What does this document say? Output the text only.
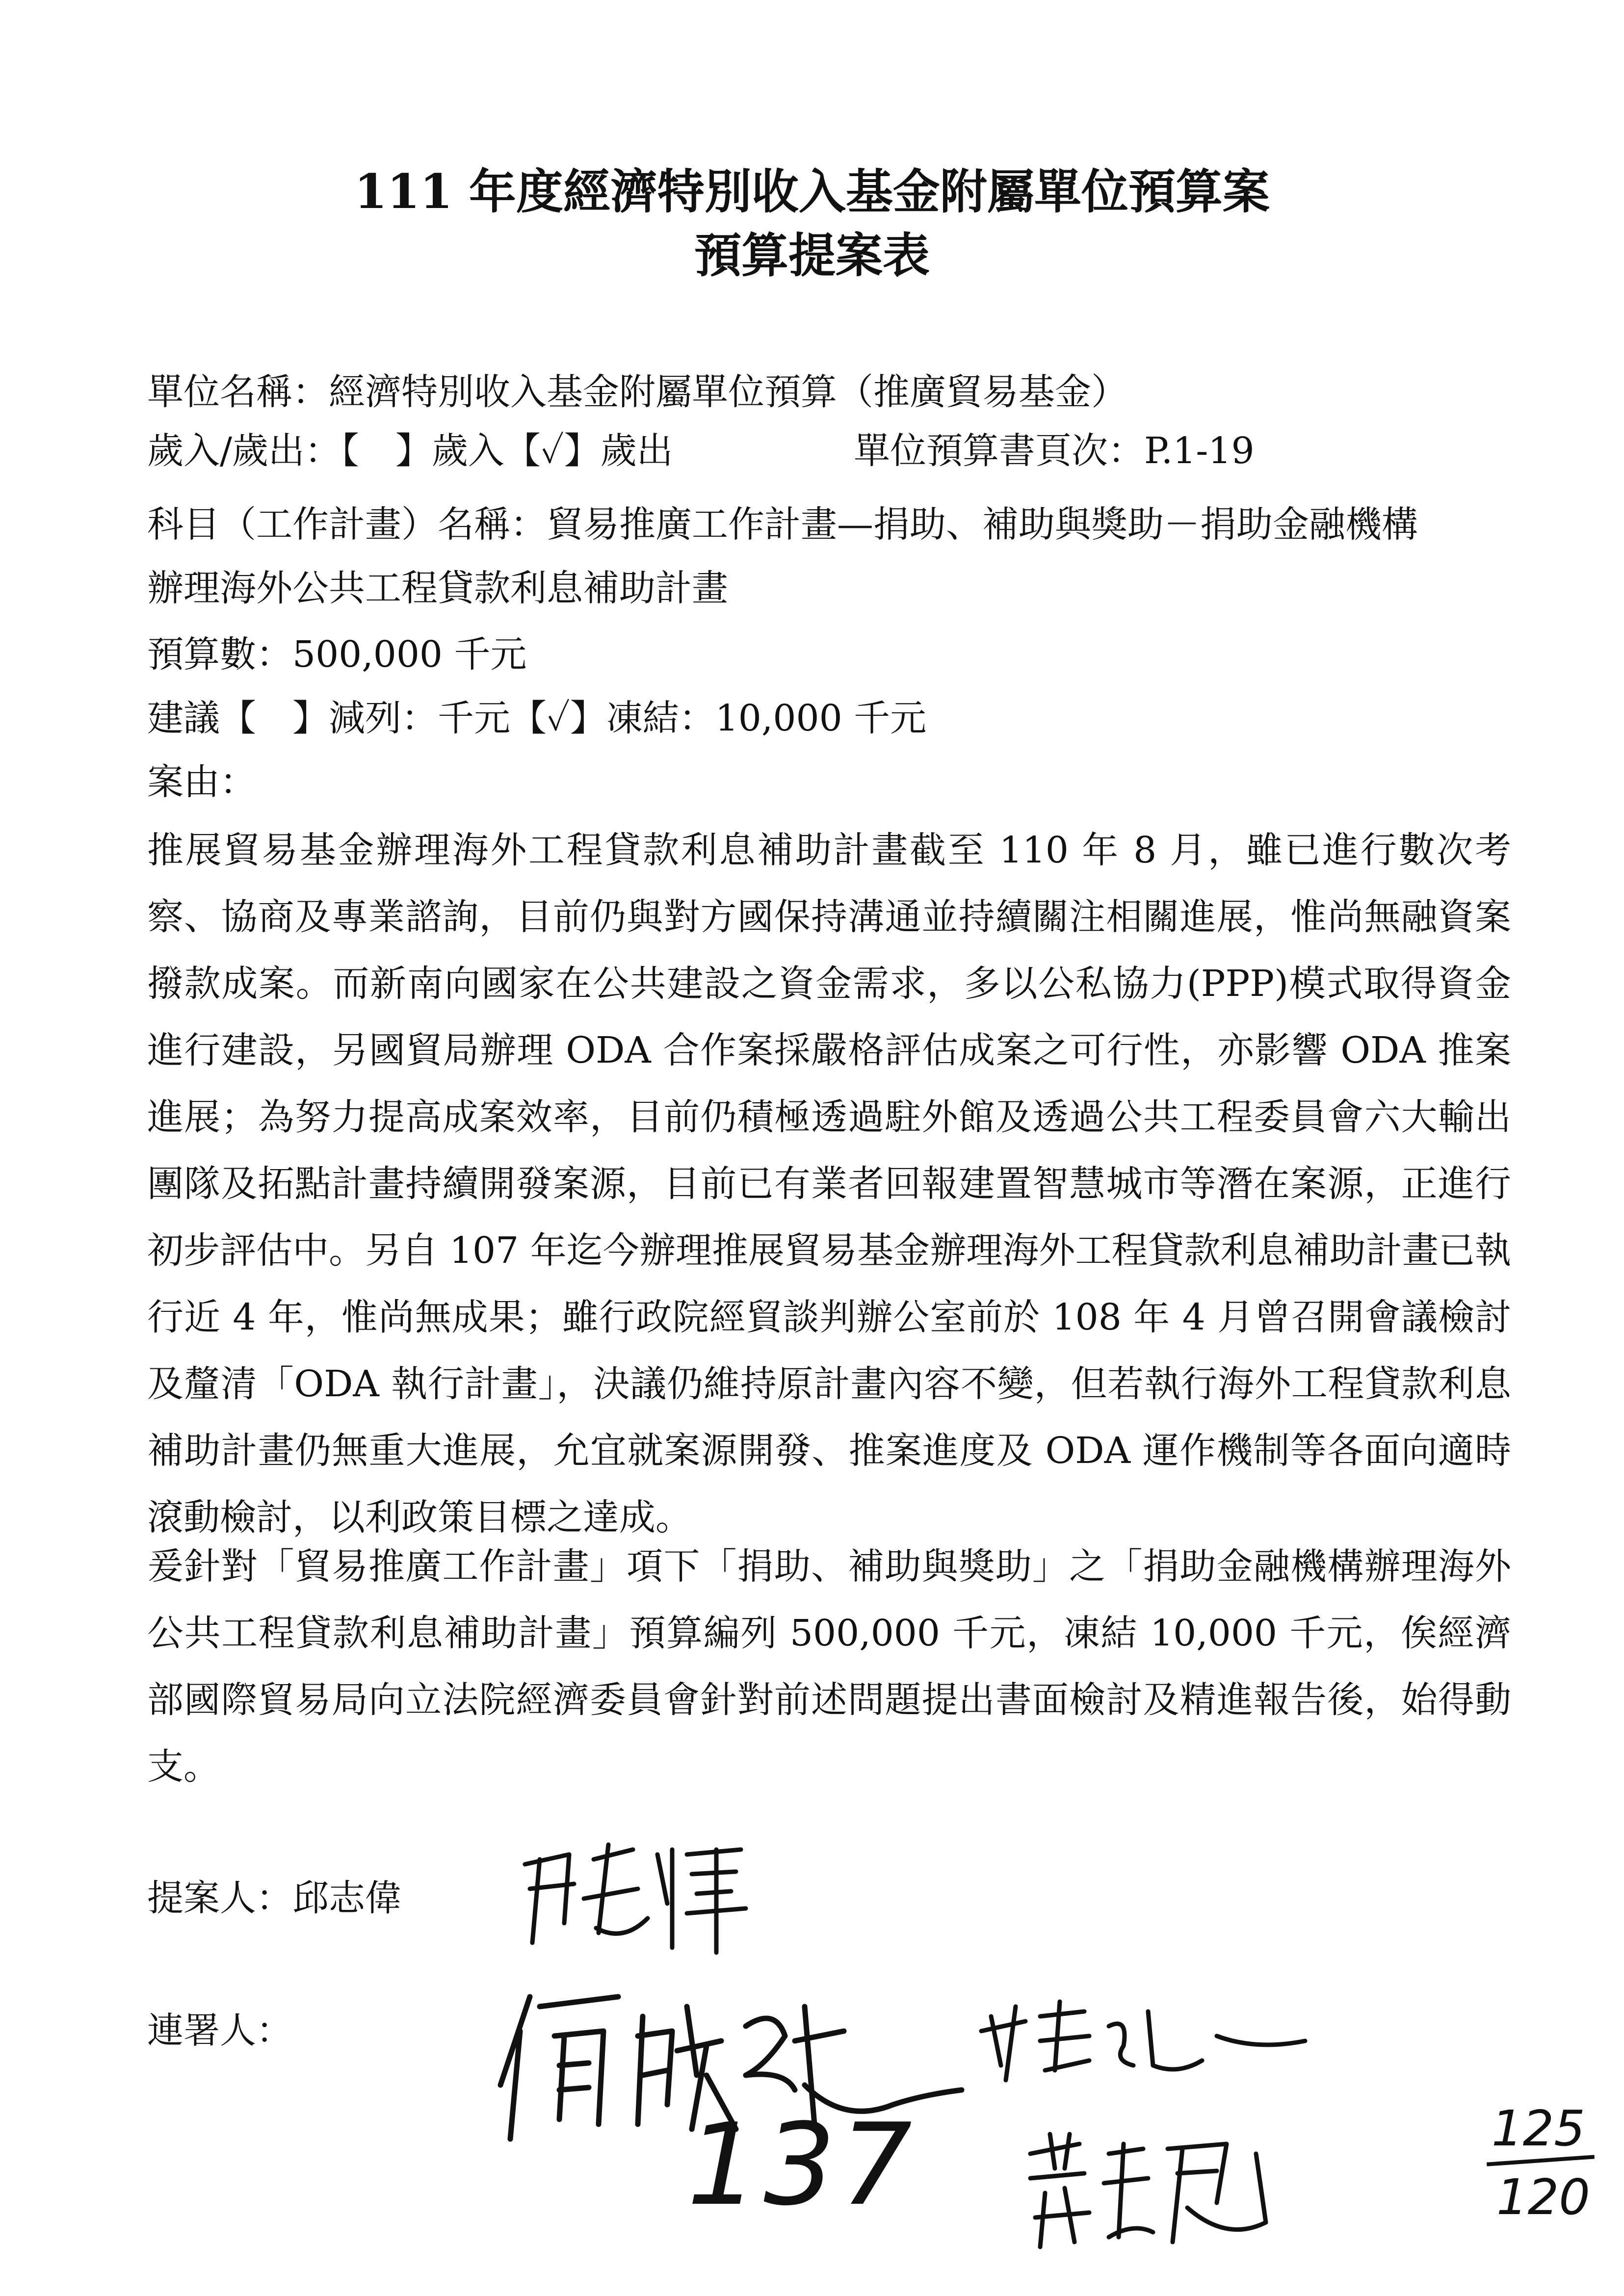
111 年度經濟特別收入基金附屬單位預算案
預算提案表
單位名稱：經濟特別收入基金附屬單位預算（推廣貿易基金）
歲入/歲出：【　】歲入【✓】歲出	單位預算書頁次：P.1-19
科目（工作計畫）名稱：貿易推廣工作計畫—捐助、補助與獎助－捐助金融機構
辦理海外公共工程貸款利息補助計畫
預算數：500,000 千元
建議【　】減列：千元【✓】凍結：10,000 千元
案由：
推展貿易基金辦理海外工程貸款利息補助計畫截至 110 年 8 月，雖已進行數次考察、協商及專業諮詢，目前仍與對方國保持溝通並持續關注相關進展，惟尚無融資案撥款成案。而新南向國家在公共建設之資金需求，多以公私協力(PPP)模式取得資金進行建設，另國貿局辦理 ODA 合作案採嚴格評估成案之可行性，亦影響 ODA 推案進展；為努力提高成案效率，目前仍積極透過駐外館及透過公共工程委員會六大輸出團隊及拓點計畫持續開發案源，目前已有業者回報建置智慧城市等潛在案源，正進行初步評估中。另自 107 年迄今辦理推展貿易基金辦理海外工程貸款利息補助計畫已執行近 4 年，惟尚無成果；雖行政院經貿談判辦公室前於 108 年 4 月曾召開會議檢討及釐清「ODA 執行計畫」，決議仍維持原計畫內容不變，但若執行海外工程貸款利息補助計畫仍無重大進展，允宜就案源開發、推案進度及 ODA 運作機制等各面向適時滾動檢討，以利政策目標之達成。
爰針對「貿易推廣工作計畫」項下「捐助、補助與獎助」之「捐助金融機構辦理海外公共工程貸款利息補助計畫」預算編列 500,000 千元，凍結 10,000 千元，俟經濟部國際貿易局向立法院經濟委員會針對前述問題提出書面檢討及精進報告後，始得動支。
提案人：邱志偉
連署人：
137	125
120
